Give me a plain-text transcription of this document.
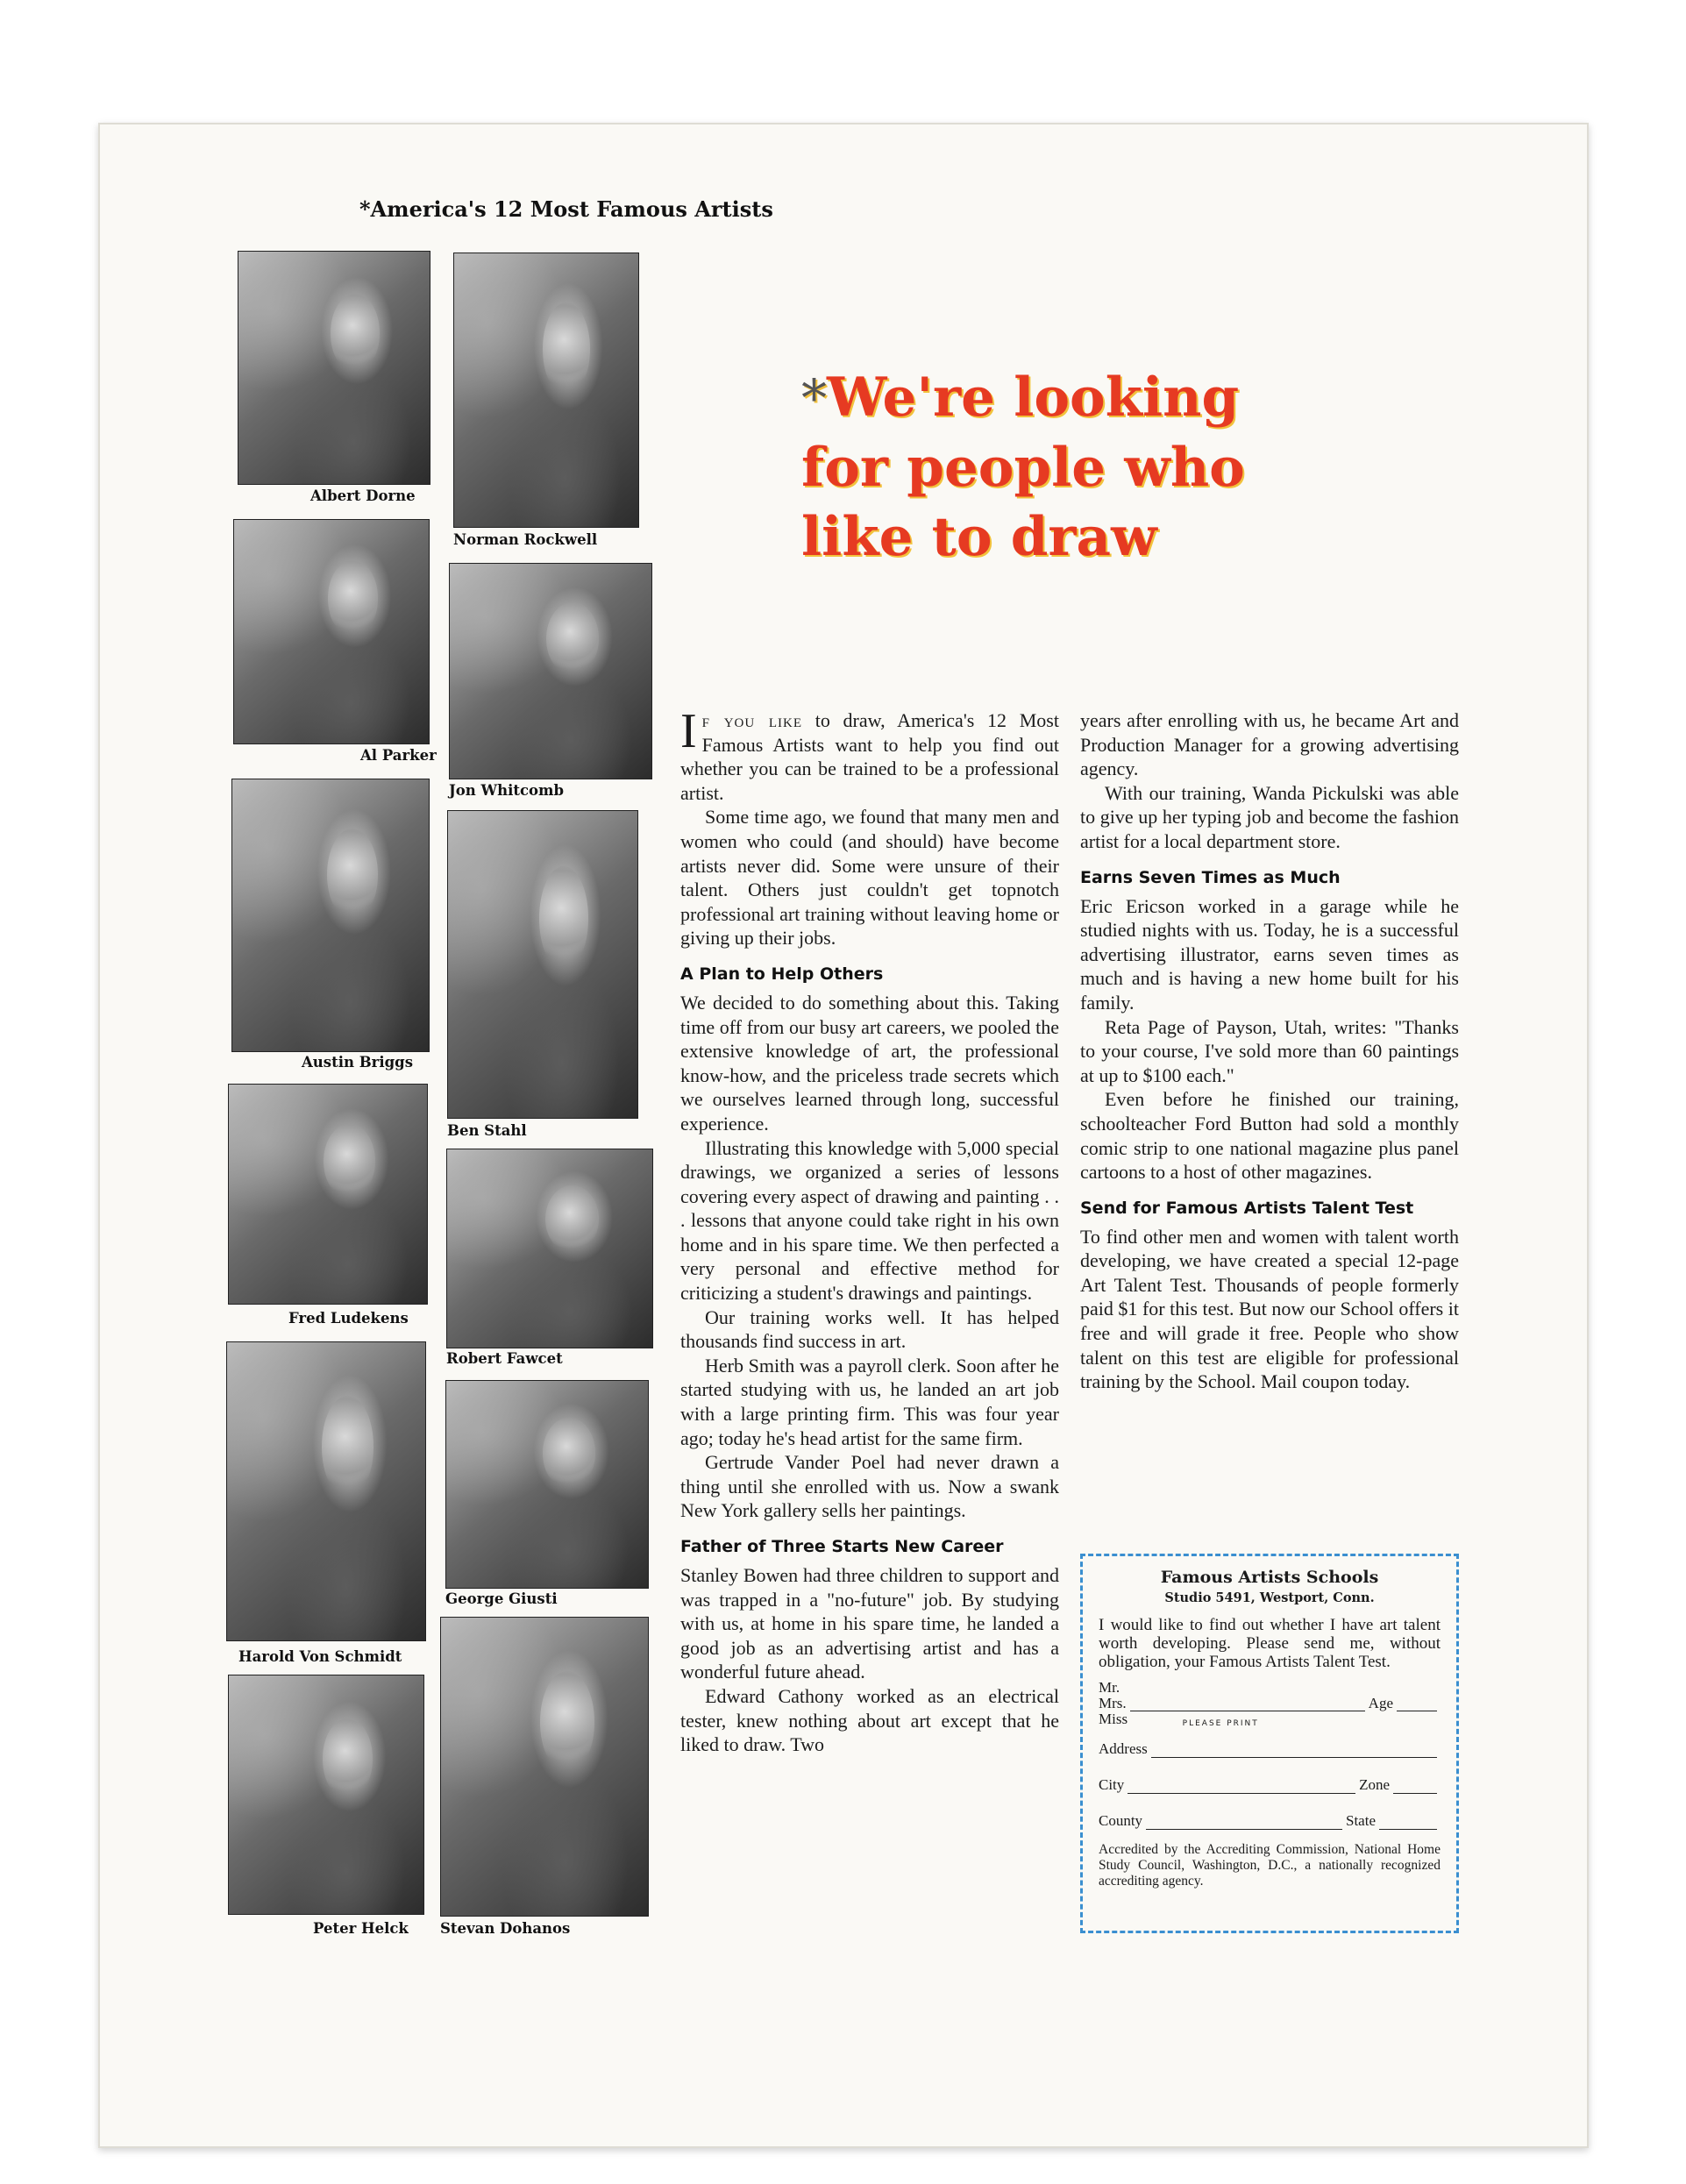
*America's 12 Most Famous Artists
Albert Dorne
Al Parker
Austin Briggs
Fred Ludekens
Harold Von Schmidt
Peter Helck
Norman Rockwell
Jon Whitcomb
Ben Stahl
Robert Fawcet
George Giusti
Stevan Dohanos
*We're looking
for people who
like to draw

If you like to draw, America's 12 Most Famous Artists want to help you find out whether you can be trained to be a professional artist.

Some time ago, we found that many men and women who could (and should) have become artists never did. Some were unsure of their talent. Others just couldn't get topnotch professional art training without leaving home or giving up their jobs.

A Plan to Help Others

We decided to do something about this. Taking time off from our busy art careers, we pooled the extensive knowledge of art, the professional know-how, and the priceless trade secrets which we ourselves learned through long, successful experience.

Illustrating this knowledge with 5,000 special drawings, we organized a series of lessons covering every aspect of drawing and painting . . . lessons that anyone could take right in his own home and in his spare time. We then perfected a very personal and effective method for criticizing a student's drawings and paintings.

Our training works well. It has helped thousands find success in art.

Herb Smith was a payroll clerk. Soon after he started studying with us, he landed an art job with a large printing firm. This was four year ago; today he's head artist for the same firm.

Gertrude Vander Poel had never drawn a thing until she enrolled with us. Now a swank New York gallery sells her paintings.

Father of Three Starts New Career

Stanley Bowen had three children to support and was trapped in a "no-future" job. By studying with us, at home in his spare time, he landed a good job as an advertising artist and has a wonderful future ahead.

Edward Cathony worked as an electrical tester, knew nothing about art except that he liked to draw. Two

years after enrolling with us, he became Art and Production Manager for a growing advertising agency.

With our training, Wanda Pickulski was able to give up her typing job and become the fashion artist for a local department store.

Earns Seven Times as Much

Eric Ericson worked in a garage while he studied nights with us. Today, he is a successful advertising illustrator, earns seven times as much and is having a new home built for his family.

Reta Page of Payson, Utah, writes: "Thanks to your course, I've sold more than 60 paintings at up to $100 each."

Even before he finished our training, schoolteacher Ford Button had sold a monthly comic strip to one national magazine plus panel cartoons to a host of other magazines.

Send for Famous Artists Talent Test

To find other men and women with talent worth developing, we have created a special 12-page Art Talent Test. Thousands of people formerly paid $1 for this test. But now our School offers it free and will grade it free. People who show talent on this test are eligible for professional training by the School. Mail coupon today.

Famous Artists Schools
Studio 5491, Westport, Conn.
I would like to find out whether I have art talent worth developing. Please send me, without obligation, your Famous Artists Talent Test.
Mr.
Mrs.
PLEASE PRINT
Age
Miss
Address
City	Zone
County	State
Accredited by the Accrediting Commission, National Home Study Council, Washington, D.C., a nationally recognized accrediting agency.
